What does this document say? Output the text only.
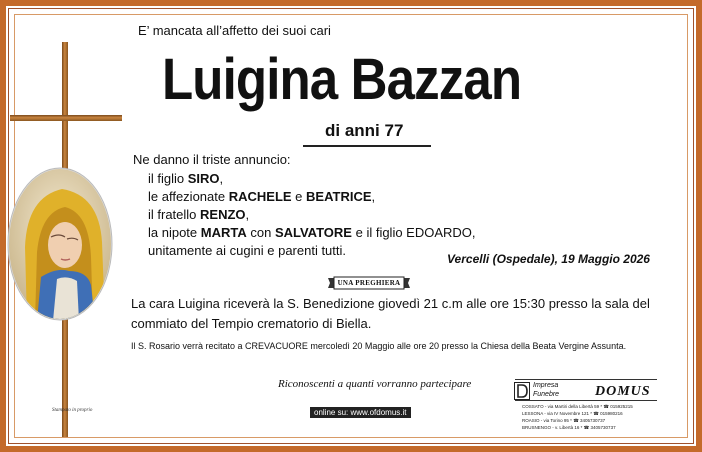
E’ mancata all’affetto dei suoi cari
Luigina Bazzan
di anni 77
Ne danno il triste annuncio:
il figlio SIRO,
le affezionate RACHELE e BEATRICE,
il fratello RENZO,
la nipote MARTA con SALVATORE e il figlio EDOARDO,
unitamente ai cugini e parenti tutti.
Vercelli (Ospedale), 19 Maggio 2026
UNA PREGHIERA
La cara Luigina riceverà la S. Benedizione giovedì 21 c.m alle ore 15:30 presso la sala del
commiato del Tempio crematorio di Biella.
Il S. Rosario verrà recitato a CREVACUORE mercoledì 20 Maggio alle ore 20 presso la Chiesa della Beata Vergine Assunta.
Riconoscenti a quanti vorranno partecipare
Stampato in proprio	online su: www.ofdomus.it
Impresa
Funebre	DOMUS
COSSATO - via Martiri della Libertà 59 * ☎ 015925215
LESSONA - via IV Novembre 121 * ☎ 015980216
ROASIO - via Torino 95 * ☎ 3405730737
BRUSNENGO - v. Libertà 16 * ☎ 3405730737
